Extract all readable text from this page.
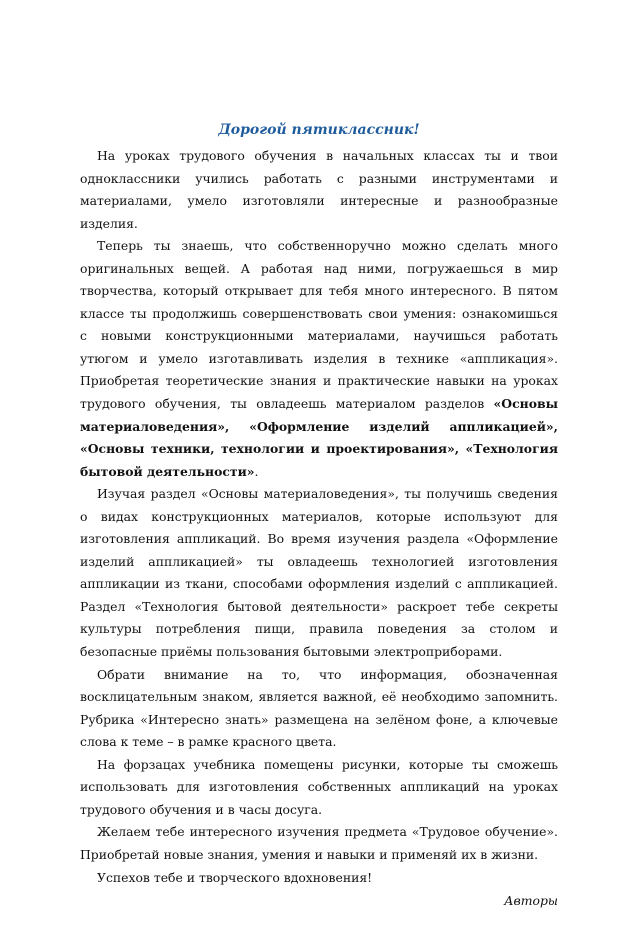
Дорогой пятиклассник!

На уроках трудового обучения в начальных классах ты и твои одноклассники учились работать с разными инструментами и материалами, умело изготовляли интересные и разнообразные изделия.

Теперь ты знаешь, что собственноручно можно сделать много оригинальных вещей. А работая над ними, погружаешься в мир творчества, который открывает для тебя много интересного. В пятом классе ты продолжишь совершенствовать свои умения: ознакомишься с новыми конструкционными материалами, научишься работать утюгом и умело изготавливать изделия в технике «аппликация». Приобретая теоретические знания и практические навыки на уроках трудового обучения, ты овладеешь материалом разделов «Основы материаловедения», «Оформление изделий аппликацией», «Основы техники, технологии и проектирования», «Технология бытовой деятельности».

Изучая раздел «Основы материаловедения», ты получишь сведения о видах конструкционных материалов, которые используют для изготовления аппликаций. Во время изучения раздела «Оформление изделий аппликацией» ты овладеешь технологией изготовления аппликации из ткани, способами оформления изделий с аппликацией. Раздел «Технология бытовой деятельности» раскроет тебе секреты культуры потребления пищи, правила поведения за столом и безопасные приёмы пользования бытовыми электроприборами.

Обрати внимание на то, что информация, обозначенная восклицательным знаком, является важной, её необходимо запомнить. Рубрика «Интересно знать» размещена на зелёном фоне, а ключевые слова к теме – в рамке красного цвета.

На форзацах учебника помещены рисунки, которые ты сможешь использовать для изготовления собственных аппликаций на уроках трудового обучения и в часы досуга.

Желаем тебе интересного изучения предмета «Трудовое обучение». Приобретай новые знания, умения и навыки и применяй их в жизни.

Успехов тебе и творческого вдохновения!

Авторы
